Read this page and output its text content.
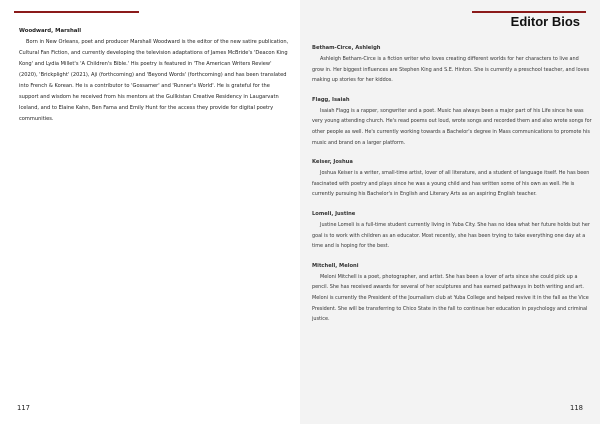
Woodward, Marshall

Born in New Orleans, poet and producer Marshall Woodward is the editor of the new satire publication, Cultural Fan Fiction, and currently developing the television adaptations of James McBride's 'Deacon King Kong' and Lydia Millet's 'A Children's Bible.' His poetry is featured in 'The American Writers Review' (2020), 'Brickplight' (2021), Aji (forthcoming) and 'Beyond Words' (forthcoming) and has been translated into French & Korean. He is a contributor to 'Gossamer' and 'Runner's World'. He is grateful for the support and wisdom he received from his mentors at the Gullkistan Creative Residency in Laugarvatn Iceland, and to Elaine Kahn, Ben Fama and Emily Hunt for the access they provide for digital poetry communities.

117
Editor Bios

Betham-Circe, Ashleigh

Ashleigh Betham-Circe is a fiction writer who loves creating different worlds for her characters to live and grow in. Her biggest influences are Stephen King and S.E. Hinton. She is currently a preschool teacher, and loves making up stories for her kiddos.

Flagg, Isaiah

Isaiah Flagg is a rapper, songwriter and a poet. Music has always been a major part of his Life since he was very young attending church. He's read poems out loud, wrote songs and recorded them and also wrote songs for other people as well. He's currently working towards a Bachelor's degree in Mass communications to promote his music and brand on a larger platform.

Keiser, Joshua

Joshua Keiser is a writer, small-time artist, lover of all literature, and a student of language itself. He has been fascinated with poetry and plays since he was a young child and has written some of his own as well. He is currently pursuing his Bachelor's in English and Literary Arts as an aspiring English teacher.

Lomeli, Justine

Justine Lomeli is a full-time student currently living in Yuba City. She has no idea what her future holds but her goal is to work with children as an educator. Most recently, she has been trying to take everything one day at a time and is hoping for the best.

Mitchell, Meloni

Meloni Mitchell is a poet, photographer, and artist. She has been a lover of arts since she could pick up a pencil. She has received awards for several of her sculptures and has earned pathways in both writing and art. Meloni is currently the President of the Journalism club at Yuba College and helped revive it in the fall as the Vice President. She will be transferring to Chico State in the fall to continue her education in psychology and criminal justice.

118
